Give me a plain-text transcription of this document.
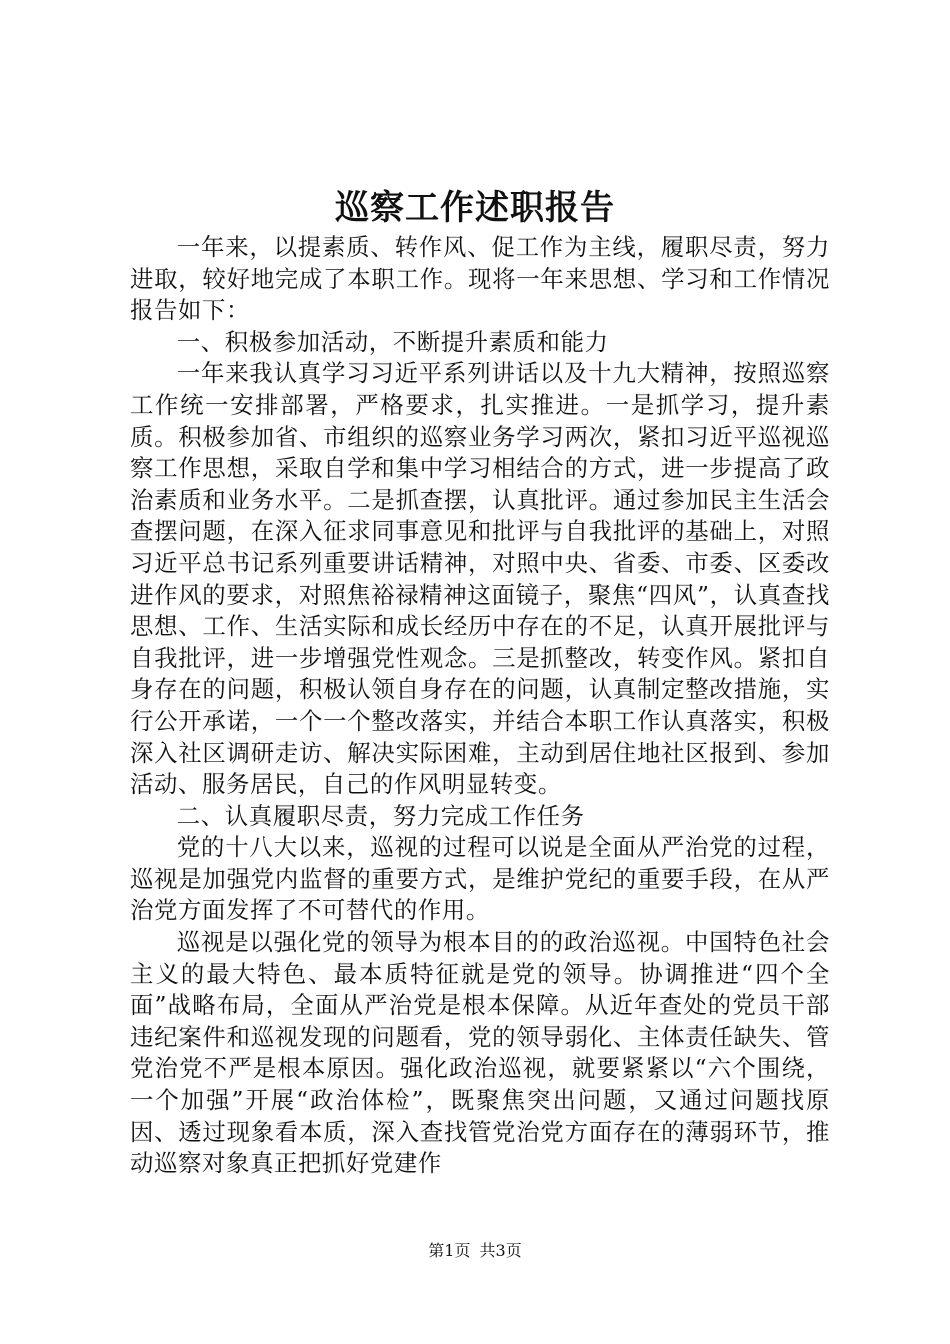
巡察工作述职报告

一年来，以提素质、转作风、促工作为主线，履职尽责，努力进取，较好地完成了本职工作。现将一年来思想、学习和工作情况报告如下：

一、积极参加活动，不断提升素质和能力

一年来我认真学习习近平系列讲话以及十九大精神，按照巡察工作统一安排部署，严格要求，扎实推进。一是抓学习，提升素质。积极参加省、市组织的巡察业务学习两次，紧扣习近平巡视巡察工作思想，采取自学和集中学习相结合的方式，进一步提高了政治素质和业务水平。二是抓查摆，认真批评。通过参加民主生活会查摆问题，在深入征求同事意见和批评与自我批评的基础上，对照习近平总书记系列重要讲话精神，对照中央、省委、市委、区委改进作风的要求，对照焦裕禄精神这面镜子，聚焦“四风”，认真查找思想、工作、生活实际和成长经历中存在的不足，认真开展批评与自我批评，进一步增强党性观念。三是抓整改，转变作风。紧扣自身存在的问题，积极认领自身存在的问题，认真制定整改措施，实行公开承诺，一个一个整改落实，并结合本职工作认真落实，积极深入社区调研走访、解决实际困难，主动到居住地社区报到、参加活动、服务居民，自己的作风明显转变。

二、认真履职尽责，努力完成工作任务

党的十八大以来，巡视的过程可以说是全面从严治党的过程，巡视是加强党内监督的重要方式，是维护党纪的重要手段，在从严治党方面发挥了不可替代的作用。

巡视是以强化党的领导为根本目的的政治巡视。中国特色社会主义的最大特色、最本质特征就是党的领导。协调推进“四个全面”战略布局，全面从严治党是根本保障。从近年查处的党员干部违纪案件和巡视发现的问题看，党的领导弱化、主体责任缺失、管党治党不严是根本原因。强化政治巡视，就要紧紧以“六个围绕，一个加强”开展“政治体检”，既聚焦突出问题，又通过问题找原因、透过现象看本质，深入查找管党治党方面存在的薄弱环节，推动巡察对象真正把抓好党建作

第1页 共3页
